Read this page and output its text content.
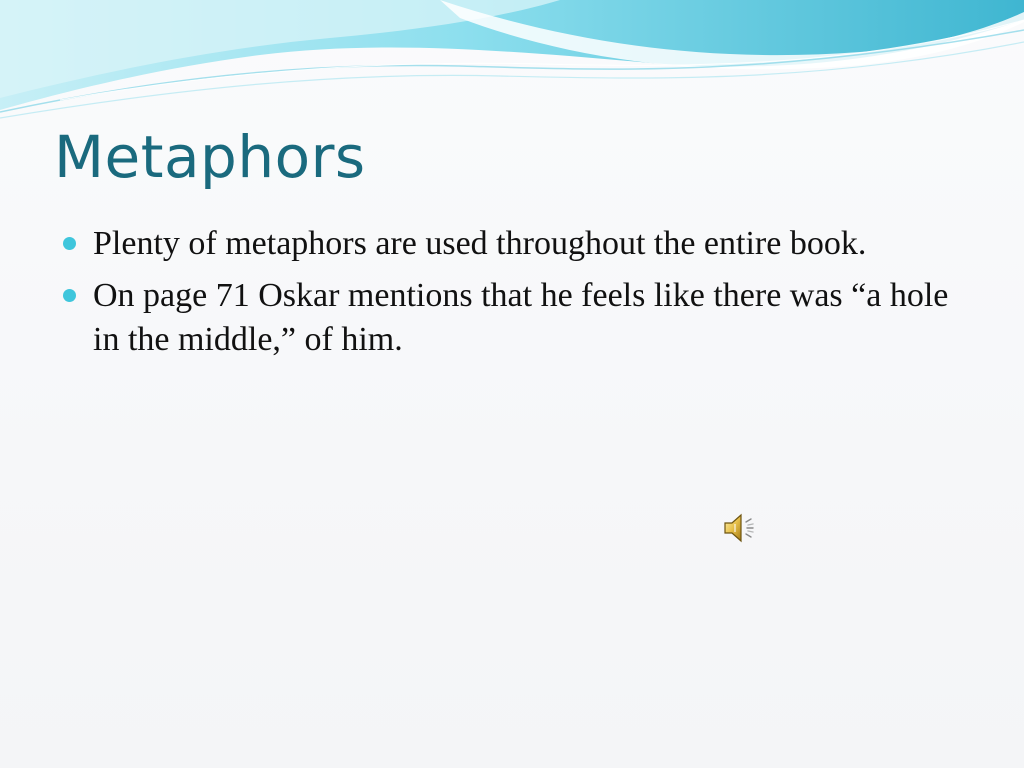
Metaphors
Plenty of metaphors are used throughout the entire book.
On page 71 Oskar mentions that he feels like there was “a hole in the middle,” of him.
